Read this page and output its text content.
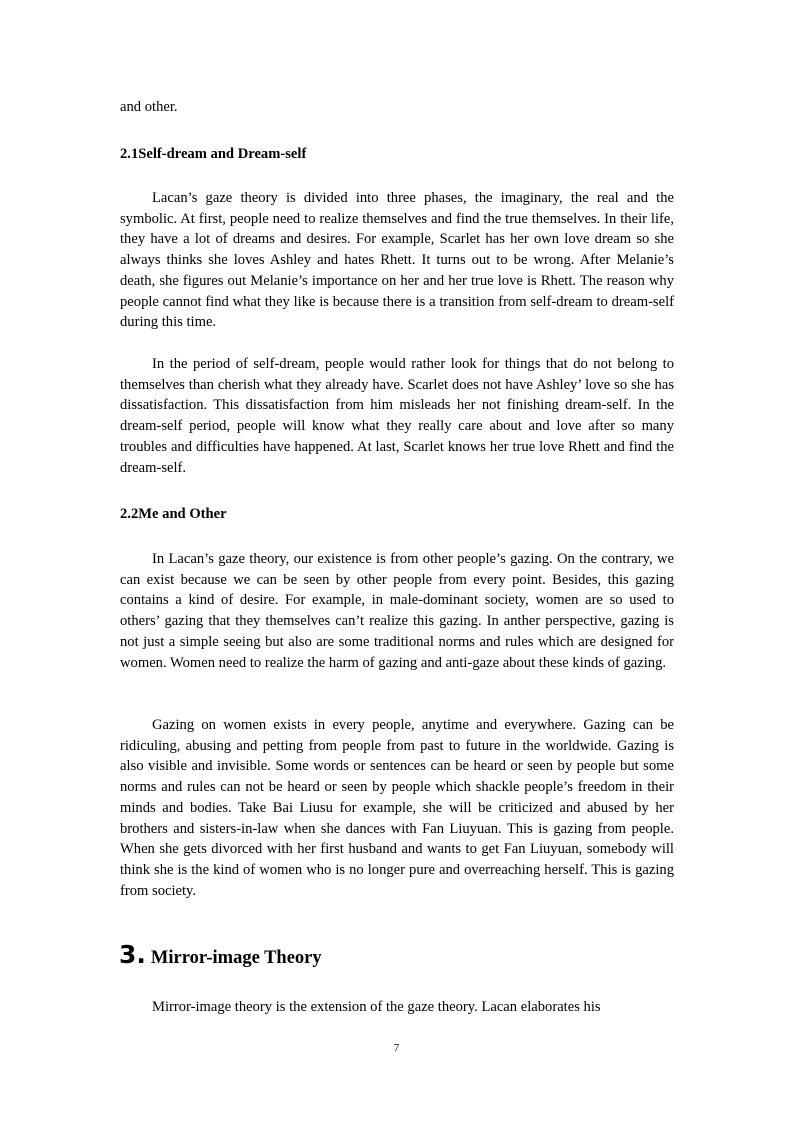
and other.

2.1Self-dream and Dream-self

Lacan’s gaze theory is divided into three phases, the imaginary, the real and the symbolic. At first, people need to realize themselves and find the true themselves. In their life, they have a lot of dreams and desires. For example, Scarlet has her own love dream so she always thinks she loves Ashley and hates Rhett. It turns out to be wrong. After Melanie’s death, she figures out Melanie’s importance on her and her true love is Rhett. The reason why people cannot find what they like is because there is a transition from self-dream to dream-self during this time.

In the period of self-dream, people would rather look for things that do not belong to themselves than cherish what they already have. Scarlet does not have Ashley’ love so she has dissatisfaction. This dissatisfaction from him misleads her not finishing dream-self. In the dream-self period, people will know what they really care about and love after so many troubles and difficulties have happened. At last, Scarlet knows her true love Rhett and find the dream-self.

2.2Me and Other

In Lacan’s gaze theory, our existence is from other people’s gazing. On the contrary, we can exist because we can be seen by other people from every point. Besides, this gazing contains a kind of desire. For example, in male-dominant society, women are so used to others’ gazing that they themselves can’t realize this gazing. In anther perspective, gazing is not just a simple seeing but also are some traditional norms and rules which are designed for women. Women need to realize the harm of gazing and anti-gaze about these kinds of gazing.

Gazing on women exists in every people, anytime and everywhere. Gazing can be ridiculing, abusing and petting from people from past to future in the worldwide. Gazing is also visible and invisible. Some words or sentences can be heard or seen by people but some norms and rules can not be heard or seen by people which shackle people’s freedom in their minds and bodies. Take Bai Liusu for example, she will be criticized and abused by her brothers and sisters-in-law when she dances with Fan Liuyuan. This is gazing from people. When she gets divorced with her first husband and wants to get Fan Liuyuan, somebody will think she is the kind of women who is no longer pure and overreaching herself. This is gazing from society.

3. Mirror-image Theory

Mirror-image theory is the extension of the gaze theory. Lacan elaborates his

7
